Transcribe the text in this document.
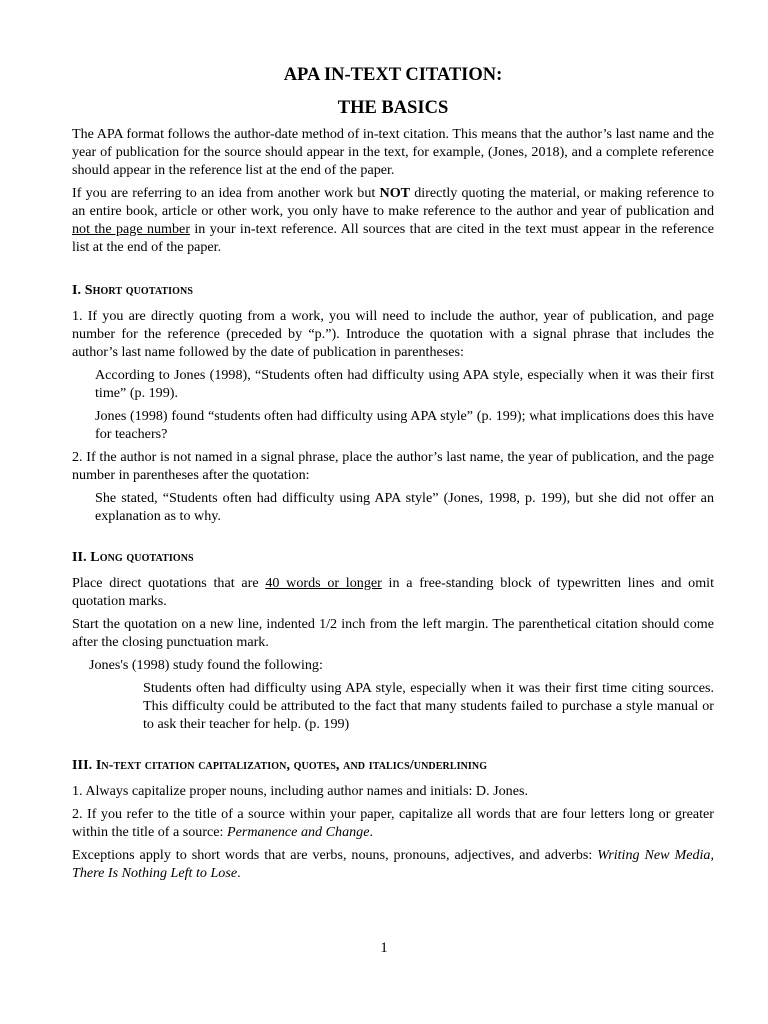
APA IN-TEXT CITATION:
THE BASICS

The APA format follows the author-date method of in-text citation. This means that the author’s last name and the year of publication for the source should appear in the text, for example, (Jones, 2018), and a complete reference should appear in the reference list at the end of the paper.

If you are referring to an idea from another work but NOT directly quoting the material, or making reference to an entire book, article or other work, you only have to make reference to the author and year of publication and not the page number in your in-text reference. All sources that are cited in the text must appear in the reference list at the end of the paper.

I. Short quotations

1. If you are directly quoting from a work, you will need to include the author, year of publication, and page number for the reference (preceded by “p.”). Introduce the quotation with a signal phrase that includes the author’s last name followed by the date of publication in parentheses:

According to Jones (1998), “Students often had difficulty using APA style, especially when it was their first time” (p. 199).

Jones (1998) found “students often had difficulty using APA style” (p. 199); what implications does this have for teachers?

2. If the author is not named in a signal phrase, place the author’s last name, the year of publication, and the page number in parentheses after the quotation:

She stated, “Students often had difficulty using APA style” (Jones, 1998, p. 199), but she did not offer an explanation as to why.

II. Long quotations

Place direct quotations that are 40 words or longer in a free-standing block of typewritten lines and omit quotation marks.

Start the quotation on a new line, indented 1/2 inch from the left margin. The parenthetical citation should come after the closing punctuation mark.

Jones's (1998) study found the following:

Students often had difficulty using APA style, especially when it was their first time citing sources. This difficulty could be attributed to the fact that many students failed to purchase a style manual or to ask their teacher for help. (p. 199)

III. In-text citation capitalization, quotes, and italics/underlining

1. Always capitalize proper nouns, including author names and initials: D. Jones.

2. If you refer to the title of a source within your paper, capitalize all words that are four letters long or greater within the title of a source: Permanence and Change.

Exceptions apply to short words that are verbs, nouns, pronouns, adjectives, and adverbs: Writing New Media, There Is Nothing Left to Lose.

1
